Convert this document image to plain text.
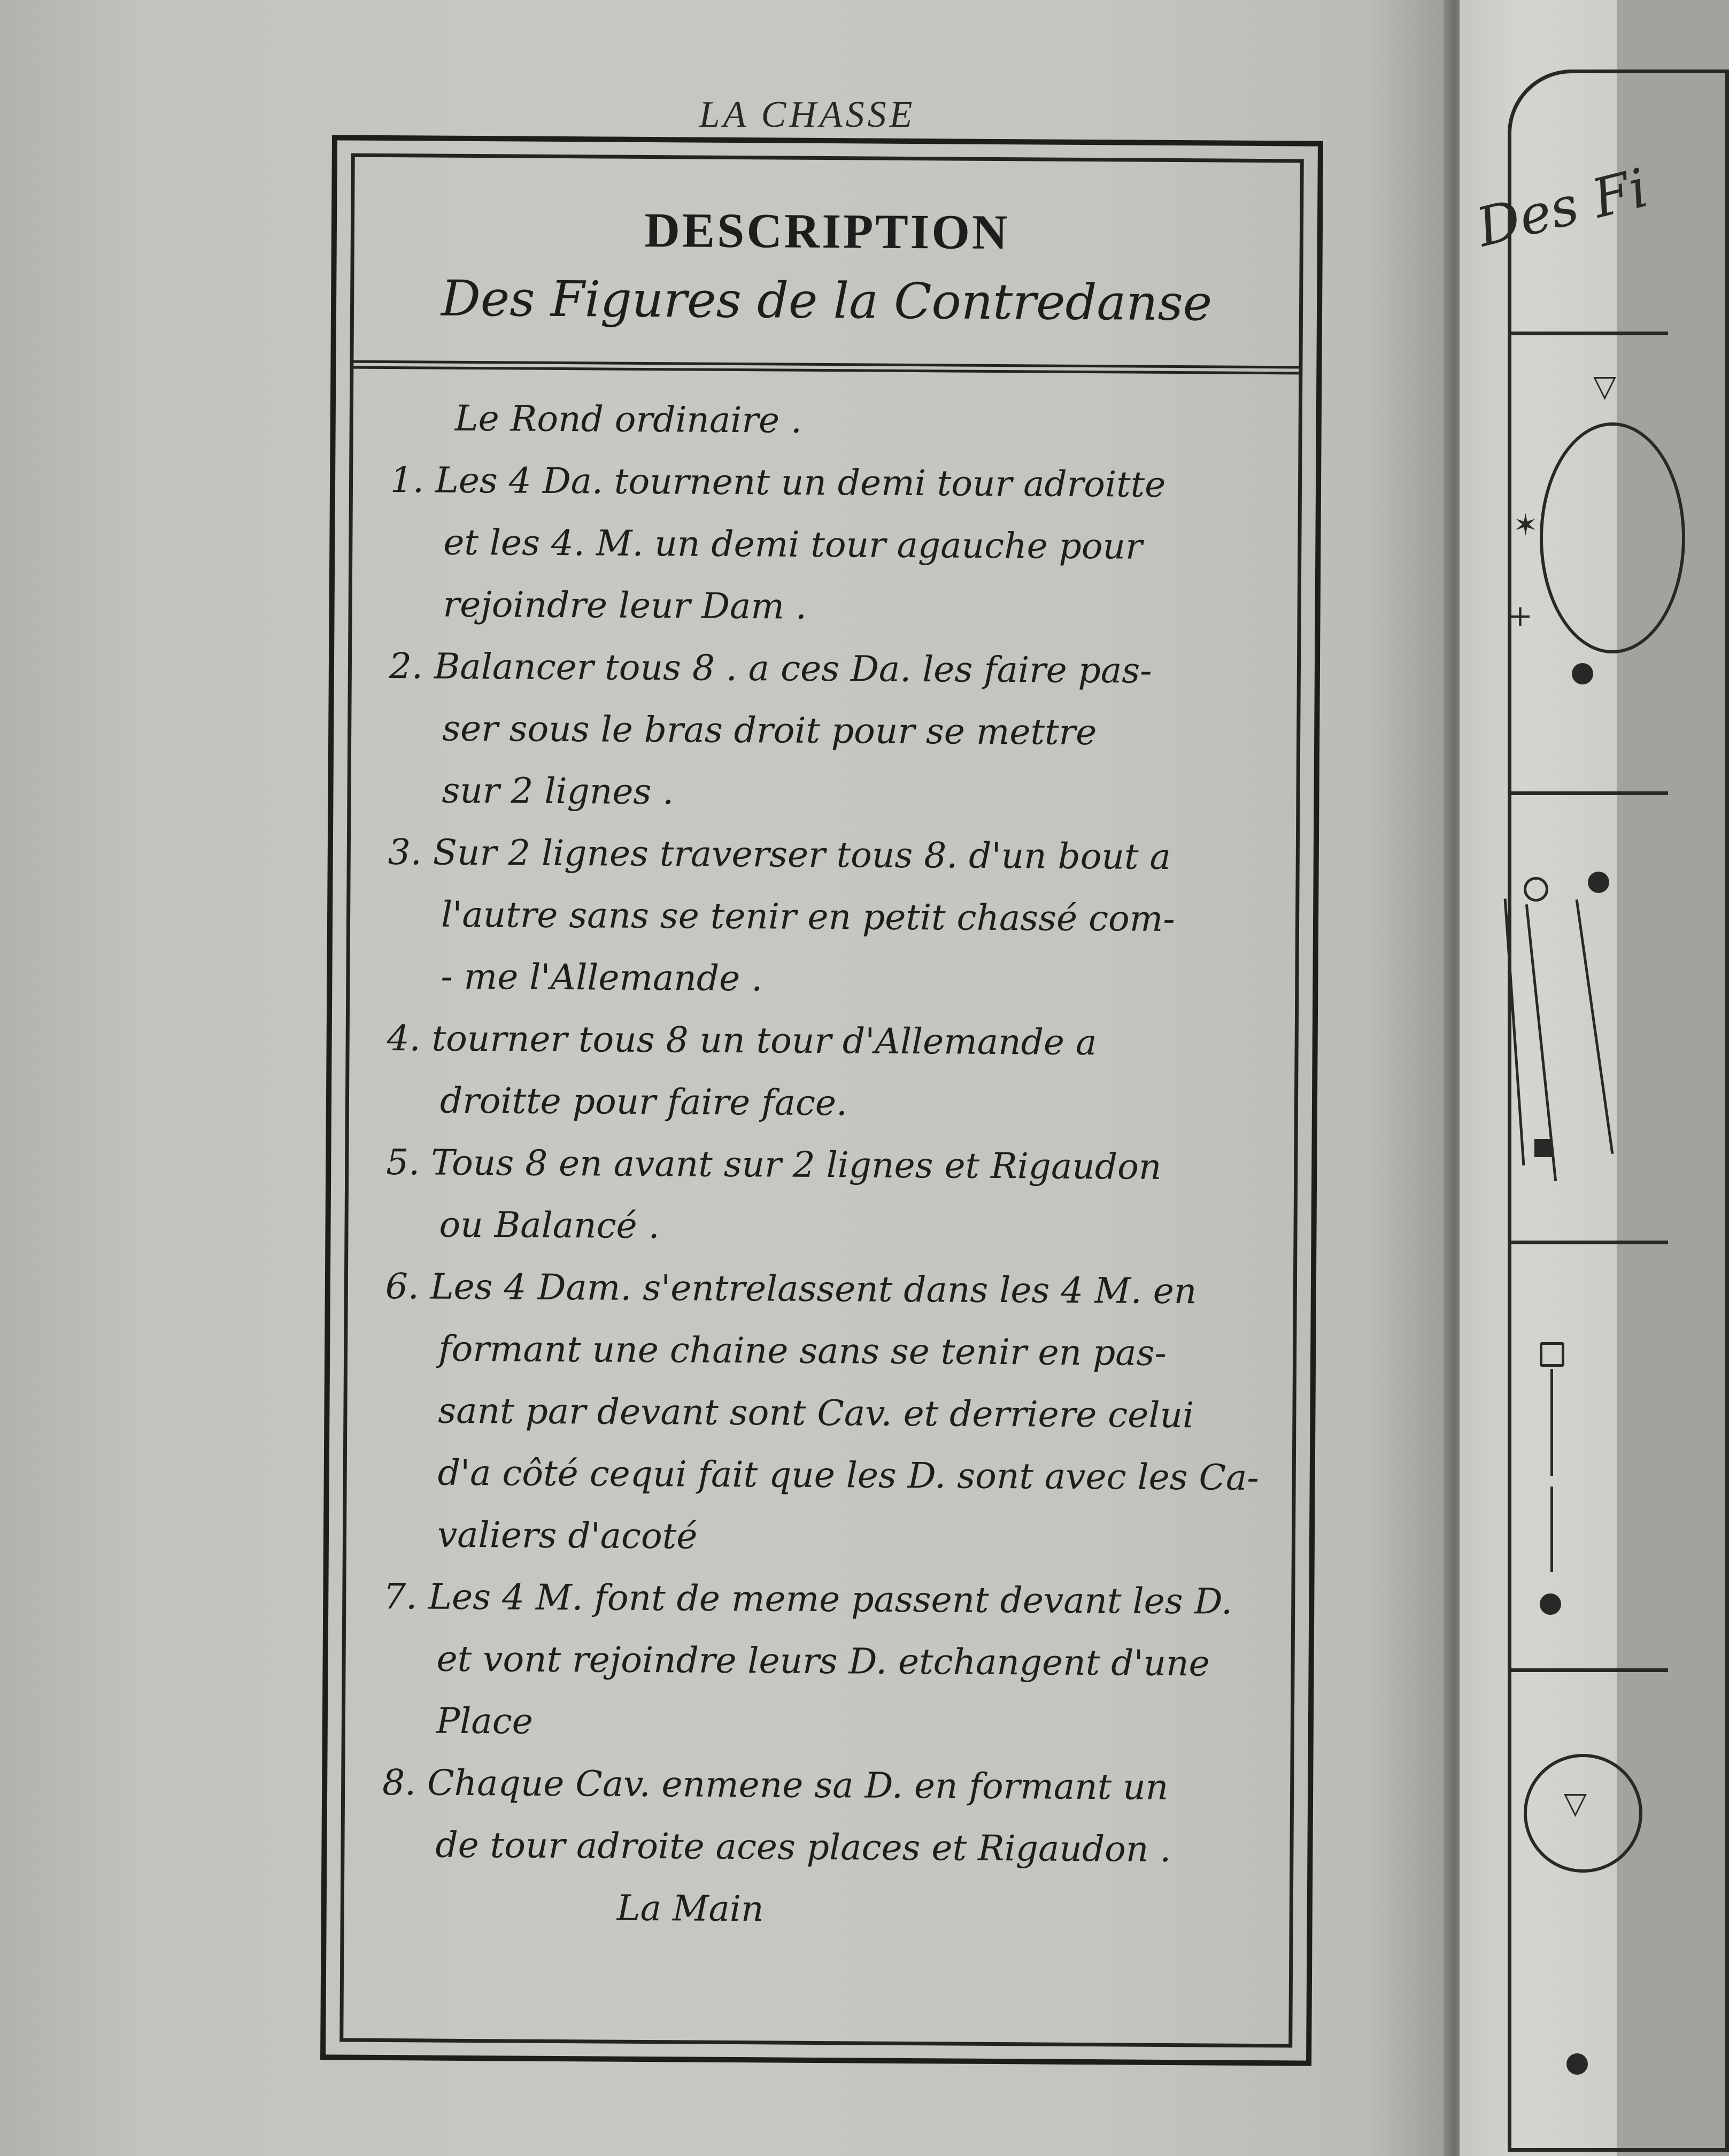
LA CHASSE
DESCRIPTION
Des Figures de la Contredanse
Le Rond ordinaire .
1. Les 4 Da. tournent un demi tour adroitte
et les 4. M. un demi tour agauche pour
rejoindre leur Dam .
2. Balancer tous 8 . a ces Da. les faire pas-
ser sous le bras droit pour se mettre
sur 2 lignes .
3. Sur 2 lignes traverser tous 8. d'un bout a
l'autre sans se tenir en petit chassé com-
- me l'Allemande .
4. tourner tous 8 un tour d'Allemande a
droitte pour faire face.
5. Tous 8 en avant sur 2 lignes et Rigaudon
ou Balancé .
6. Les 4 Dam. s'entrelassent dans les 4 M. en
formant une chaine sans se tenir en pas-
sant par devant sont Cav. et derriere celui
d'a côté cequi fait que les D. sont avec les Ca-
valiers d'acoté
7. Les 4 M. font de meme passent devant les D.
et vont rejoindre leurs D. etchangent d'une
Place
8. Chaque Cav. enmene sa D. en formant un
de tour adroite aces places et Rigaudon .
La Main
Des Fi
▽
✶
+
▽
